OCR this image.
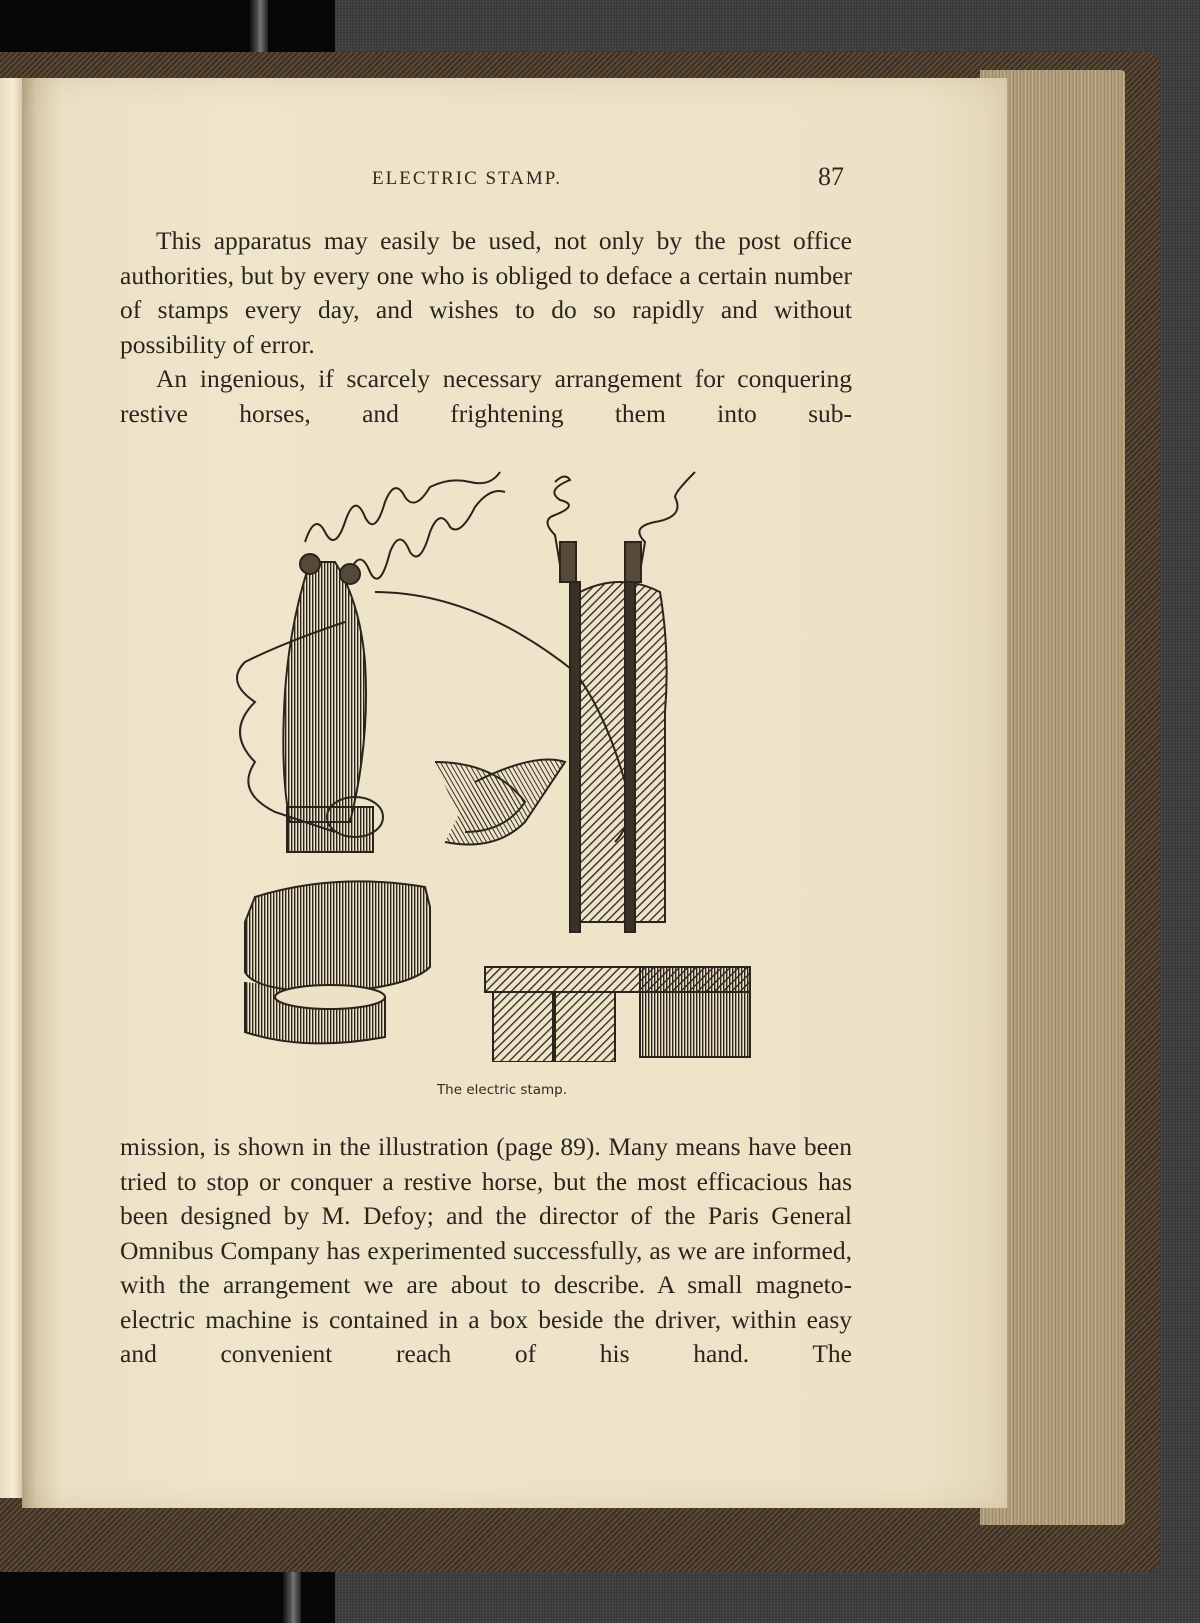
ELECTRIC STAMP.	87

This apparatus may easily be used, not only by the post office authorities, but by every one who is obliged to deface a certain number of stamps every day, and wishes to do so rapidly and without possibility of error.

An ingenious, if scarcely necessary arrangement for conquering restive horses, and frightening them into sub-

The electric stamp.

mission, is shown in the illustration (page 89). Many means have been tried to stop or conquer a restive horse, but the most efficacious has been designed by M. Defoy; and the director of the Paris General Omnibus Company has experimented successfully, as we are informed, with the arrangement we are about to describe. A small magneto-electric machine is contained in a box beside the driver, within easy and convenient reach of his hand. The
